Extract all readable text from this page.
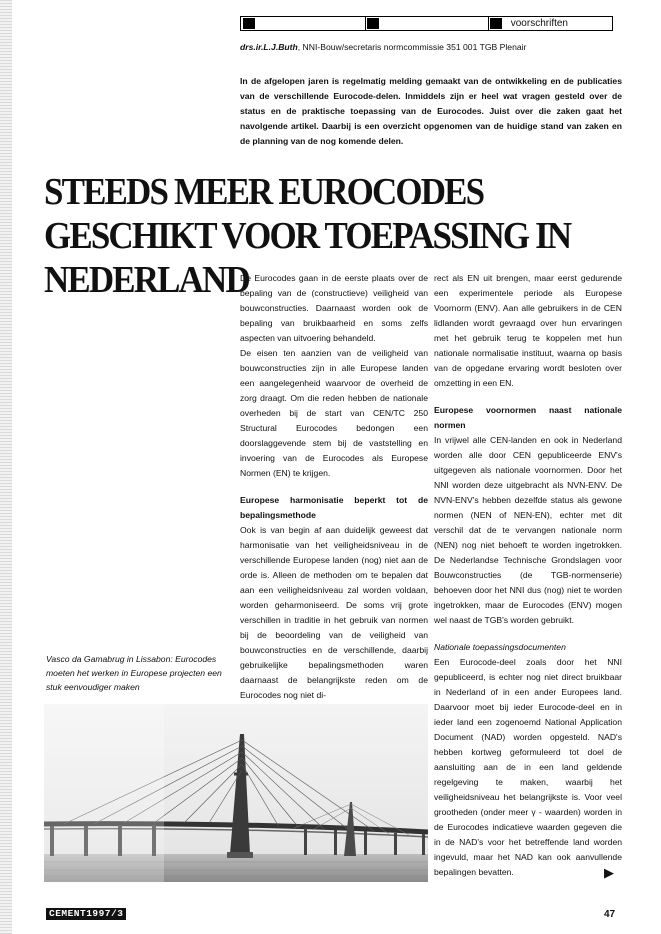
voorschriften
drs.ir.L.J.Buth, NNI-Bouw/secretaris normcommissie 351 001 TGB Plenair
In de afgelopen jaren is regelmatig melding gemaakt van de ontwikkeling en de publicaties van de verschillende Eurocode-delen. Inmiddels zijn er heel wat vragen gesteld over de status en de praktische toepassing van de Eurocodes. Juist over die zaken gaat het navolgende artikel. Daarbij is een overzicht opgenomen van de huidige stand van zaken en de planning van de nog komende delen.
STEEDS MEER EUROCODES GESCHIKT VOOR TOEPASSING IN NEDERLAND

De Eurocodes gaan in de eerste plaats over de bepaling van de (constructieve) veiligheid van bouwconstructies. Daarnaast worden ook de bepaling van bruikbaarheid en soms zelfs aspecten van uitvoering behandeld.

De eisen ten aanzien van de veiligheid van bouwconstructies zijn in alle Europese landen een aangelegenheid waarvoor de overheid de zorg draagt. Om die reden hebben de nationale overheden bij de start van CEN/TC 250 Structural Eurocodes bedongen een doorslaggevende stem bij de vaststelling en invoering van de Eurocodes als Europese Normen (EN) te krijgen.

Europese harmonisatie beperkt tot de bepalingsmethode

Ook is van begin af aan duidelijk geweest dat harmonisatie van het veiligheidsniveau in de verschillende Europese landen (nog) niet aan de orde is. Alleen de methoden om te bepalen dat aan een veiligheidsniveau zal worden voldaan, worden geharmoniseerd. De soms vrij grote verschillen in traditie in het gebruik van normen bij de beoordeling van de veiligheid van bouwconstructies en de verschillende, daarbij gebruikelijke bepalingsmethoden waren daarnaast de belangrijkste reden om de Eurocodes nog niet di-

rect als EN uit brengen, maar eerst gedurende een experimentele periode als Europese Voornorm (ENV). Aan alle gebruikers in de CEN lidlanden wordt gevraagd over hun ervaringen met het gebruik terug te koppelen met hun nationale normalisatie instituut, waarna op basis van de opgedane ervaring wordt besloten over omzetting in een EN.

Europese voornormen naast nationale normen

In vrijwel alle CEN-landen en ook in Nederland worden alle door CEN gepubliceerde ENV's uitgegeven als nationale voornormen. Door het NNI worden deze uitgebracht als NVN-ENV. De NVN-ENV's hebben dezelfde status als gewone normen (NEN of NEN-EN), echter met dit verschil dat de te vervangen nationale norm (NEN) nog niet behoeft te worden ingetrokken. De Nederlandse Technische Grondslagen voor Bouwconstructies (de TGB-normenserie) behoeven door het NNI dus (nog) niet te worden ingetrokken, maar de Eurocodes (ENV) mogen wel naast de TGB's worden gebruikt.

Nationale toepassingsdocumenten

Een Eurocode-deel zoals door het NNI gepubliceerd, is echter nog niet direct bruikbaar in Nederland of in een ander Europees land. Daarvoor moet bij ieder Eurocode-deel en in ieder land een zogenoemd National Application Document (NAD) worden opgesteld. NAD's hebben kortweg geformuleerd tot doel de aansluiting aan de in een land geldende regelgeving te maken, waarbij het veiligheidsniveau het belangrijkste is. Voor veel grootheden (onder meer γ - waarden) worden in de Eurocodes indicatieve waarden gegeven die in de NAD's voor het betreffende land worden ingevuld, maar het NAD kan ook aanvullende bepalingen bevatten.

Vasco da Gamabrug in Lissabon: Eurocodes moeten het werken in Europese projecten een stuk eenvoudiger maken
▶
CEMENT1997/3	47
